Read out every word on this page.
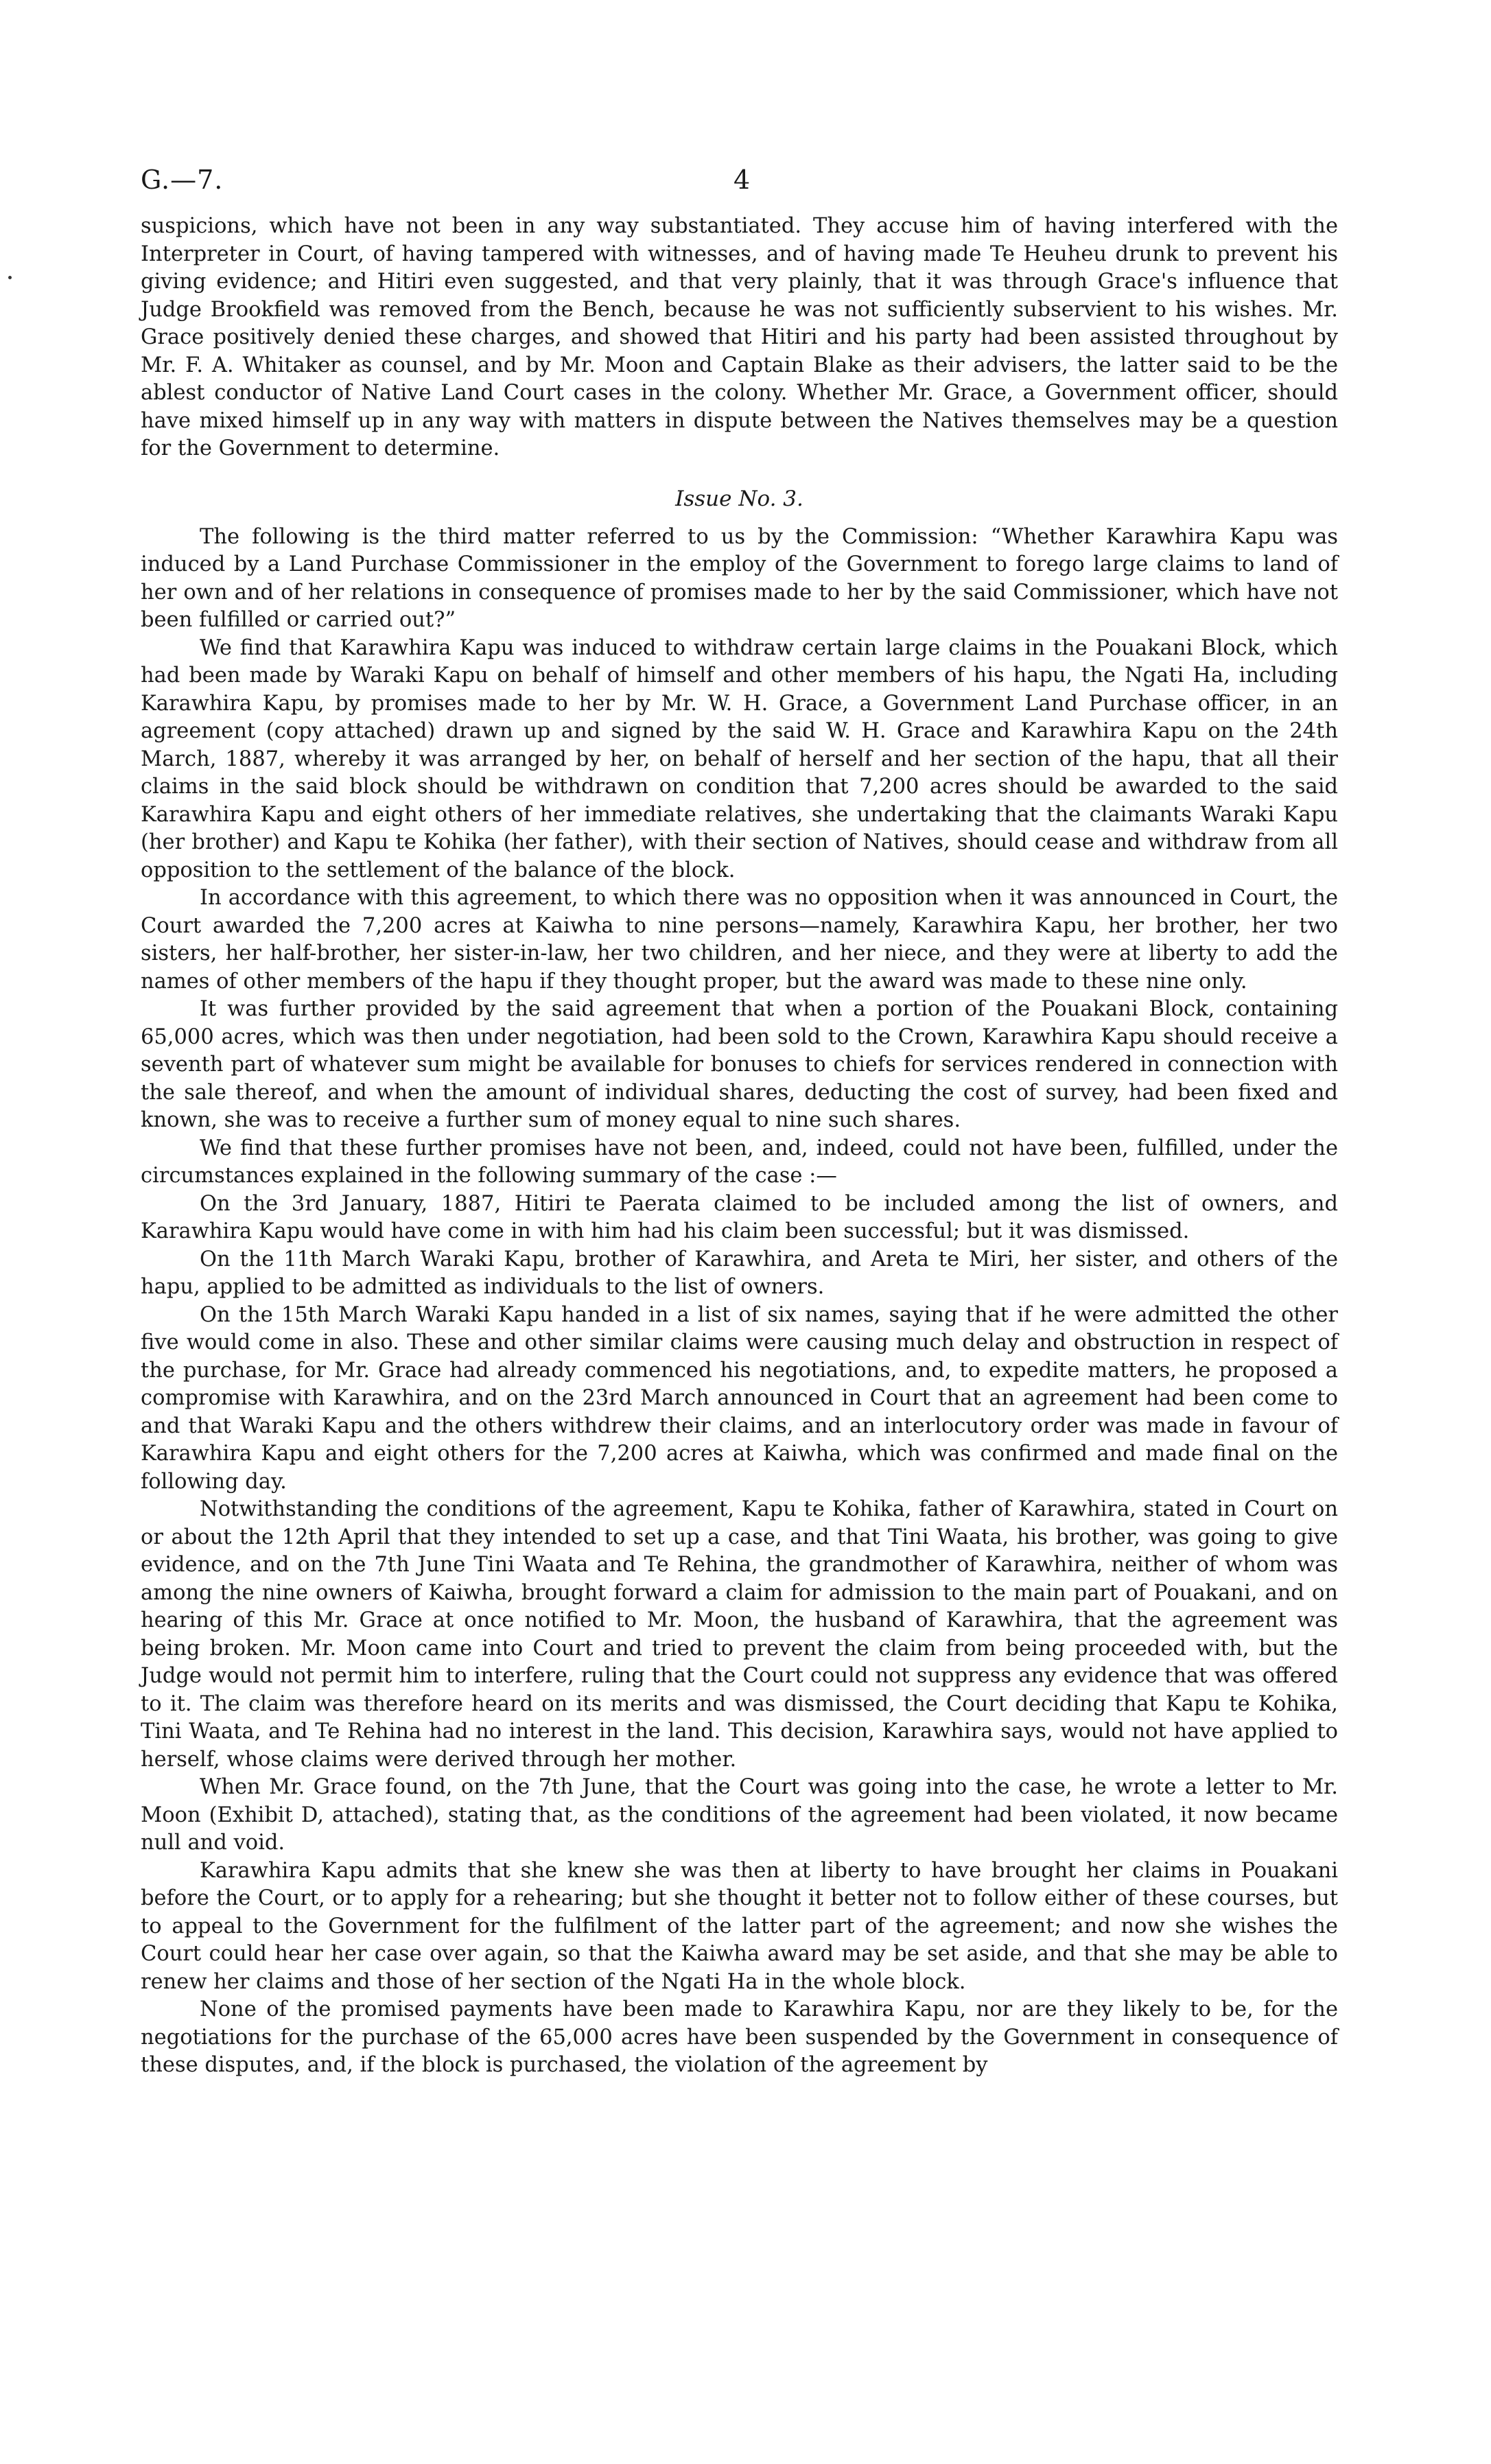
G.—7.	4

suspicions, which have not been in any way substantiated. They accuse him of having interfered with the Interpreter in Court, of having tampered with witnesses, and of having made Te Heuheu drunk to prevent his giving evidence; and Hitiri even suggested, and that very plainly, that it was through Grace's influence that Judge Brookfield was removed from the Bench, because he was not sufficiently subservient to his wishes. Mr. Grace positively denied these charges, and showed that Hitiri and his party had been assisted throughout by Mr. F. A. Whitaker as counsel, and by Mr. Moon and Captain Blake as their advisers, the latter said to be the ablest conductor of Native Land Court cases in the colony. Whether Mr. Grace, a Government officer, should have mixed himself up in any way with matters in dispute between the Natives themselves may be a question for the Government to determine.

Issue No. 3.

The following is the third matter referred to us by the Commission: “Whether Karawhira Kapu was induced by a Land Purchase Commissioner in the employ of the Government to forego large claims to land of her own and of her relations in consequence of promises made to her by the said Commissioner, which have not been fulfilled or carried out?”

We find that Karawhira Kapu was induced to withdraw certain large claims in the Pouakani Block, which had been made by Waraki Kapu on behalf of himself and other members of his hapu, the Ngati Ha, including Karawhira Kapu, by promises made to her by Mr. W. H. Grace, a Government Land Purchase officer, in an agreement (copy attached) drawn up and signed by the said W. H. Grace and Karawhira Kapu on the 24th March, 1887, whereby it was arranged by her, on behalf of herself and her section of the hapu, that all their claims in the said block should be withdrawn on condition that 7,200 acres should be awarded to the said Karawhira Kapu and eight others of her immediate relatives, she undertaking that the claimants Waraki Kapu (her brother) and Kapu te Kohika (her father), with their section of Natives, should cease and withdraw from all opposition to the settlement of the balance of the block.

In accordance with this agreement, to which there was no opposition when it was announced in Court, the Court awarded the 7,200 acres at Kaiwha to nine persons—namely, Karawhira Kapu, her brother, her two sisters, her half-brother, her sister-in-law, her two children, and her niece, and they were at liberty to add the names of other members of the hapu if they thought proper, but the award was made to these nine only.

It was further provided by the said agreement that when a portion of the Pouakani Block, containing 65,000 acres, which was then under negotiation, had been sold to the Crown, Karawhira Kapu should receive a seventh part of whatever sum might be available for bonuses to chiefs for services rendered in connection with the sale thereof, and when the amount of individual shares, deducting the cost of survey, had been fixed and known, she was to receive a further sum of money equal to nine such shares.

We find that these further promises have not been, and, indeed, could not have been, fulfilled, under the circumstances explained in the following summary of the case :—

On the 3rd January, 1887, Hitiri te Paerata claimed to be included among the list of owners, and Karawhira Kapu would have come in with him had his claim been successful; but it was dismissed.

On the 11th March Waraki Kapu, brother of Karawhira, and Areta te Miri, her sister, and others of the hapu, applied to be admitted as individuals to the list of owners.

On the 15th March Waraki Kapu handed in a list of six names, saying that if he were admitted the other five would come in also. These and other similar claims were causing much delay and obstruction in respect of the purchase, for Mr. Grace had already commenced his negotiations, and, to expedite matters, he proposed a compromise with Karawhira, and on the 23rd March announced in Court that an agreement had been come to and that Waraki Kapu and the others withdrew their claims, and an interlocutory order was made in favour of Karawhira Kapu and eight others for the 7,200 acres at Kaiwha, which was confirmed and made final on the following day.

Notwithstanding the conditions of the agreement, Kapu te Kohika, father of Karawhira, stated in Court on or about the 12th April that they intended to set up a case, and that Tini Waata, his brother, was going to give evidence, and on the 7th June Tini Waata and Te Rehina, the grandmother of Karawhira, neither of whom was among the nine owners of Kaiwha, brought forward a claim for admission to the main part of Pouakani, and on hearing of this Mr. Grace at once notified to Mr. Moon, the husband of Karawhira, that the agreement was being broken. Mr. Moon came into Court and tried to prevent the claim from being proceeded with, but the Judge would not permit him to interfere, ruling that the Court could not suppress any evidence that was offered to it. The claim was therefore heard on its merits and was dismissed, the Court deciding that Kapu te Kohika, Tini Waata, and Te Rehina had no interest in the land. This decision, Karawhira says, would not have applied to herself, whose claims were derived through her mother.

When Mr. Grace found, on the 7th June, that the Court was going into the case, he wrote a letter to Mr. Moon (Exhibit D, attached), stating that, as the conditions of the agreement had been violated, it now became null and void.

Karawhira Kapu admits that she knew she was then at liberty to have brought her claims in Pouakani before the Court, or to apply for a rehearing; but she thought it better not to follow either of these courses, but to appeal to the Government for the fulfilment of the latter part of the agreement; and now she wishes the Court could hear her case over again, so that the Kaiwha award may be set aside, and that she may be able to renew her claims and those of her section of the Ngati Ha in the whole block.

None of the promised payments have been made to Karawhira Kapu, nor are they likely to be, for the negotiations for the purchase of the 65,000 acres have been suspended by the Government in consequence of these disputes, and, if the block is purchased, the violation of the agreement by
